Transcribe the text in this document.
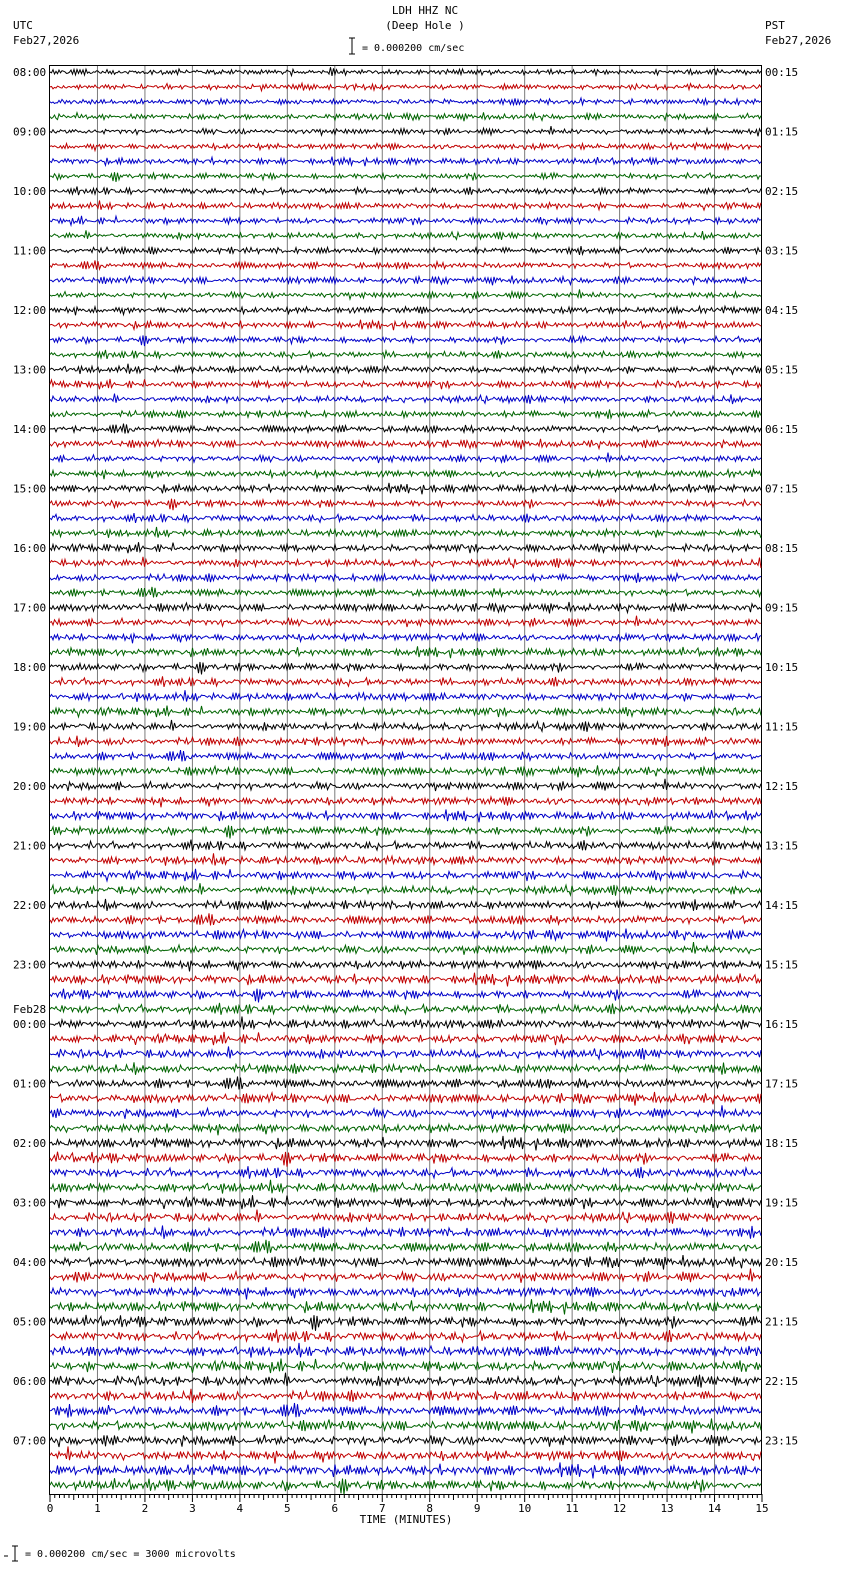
LDH HHZ NC
(Deep Hole )
UTC
Feb27,2026
PST
Feb27,2026
= 0.000200 cm/sec
= 0.000200 cm/sec = 3000 microvolts
0	1	2	3	4	5	6	7	8	9	10	11	12	13	14	15
TIME (MINUTES)
08:00
09:00
10:00
11:00
12:00
13:00
14:00
15:00
16:00
17:00
18:00
19:00
20:00
21:00
22:00
23:00
00:00
01:00
02:00
03:00
04:00
05:00
06:00
07:00
00:15
01:15
02:15
03:15
04:15
05:15
06:15
07:15
08:15
09:15
10:15
11:15
12:15
13:15
14:15
15:15
16:15
17:15
18:15
19:15
20:15
21:15
22:15
23:15
Feb28
